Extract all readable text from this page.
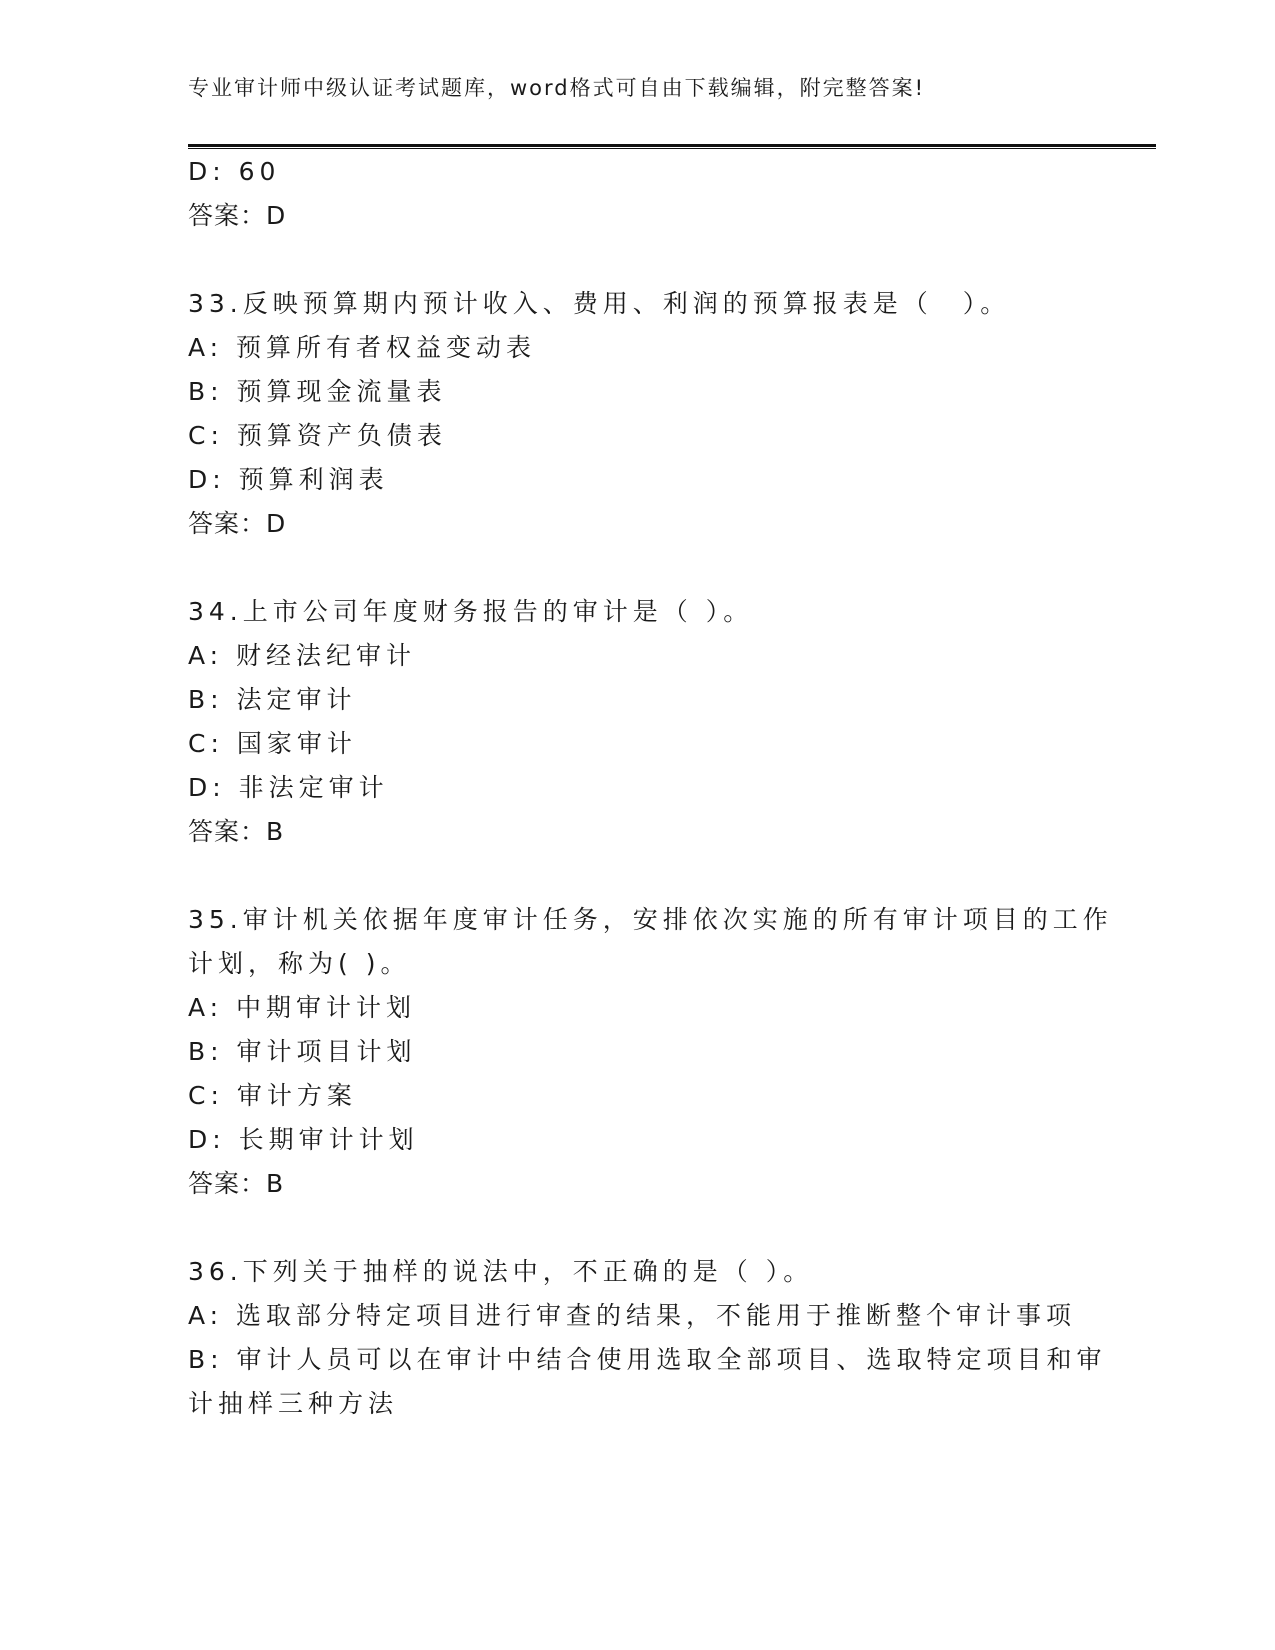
专业审计师中级认证考试题库，word格式可自由下载编辑，附完整答案!
D: 60
答案：D
33.反映预算期内预计收入、费用、利润的预算报表是（　）。
A: 预算所有者权益变动表
B: 预算现金流量表
C: 预算资产负债表
D: 预算利润表
答案：D
34.上市公司年度财务报告的审计是（ ）。
A: 财经法纪审计
B: 法定审计
C: 国家审计
D: 非法定审计
答案：B
35.审计机关依据年度审计任务，安排依次实施的所有审计项目的工作
计划，称为( )。
A: 中期审计计划
B: 审计项目计划
C: 审计方案
D: 长期审计计划
答案：B
36.下列关于抽样的说法中，不正确的是（ ）。
A: 选取部分特定项目进行审查的结果，不能用于推断整个审计事项
B: 审计人员可以在审计中结合使用选取全部项目、选取特定项目和审
计抽样三种方法
